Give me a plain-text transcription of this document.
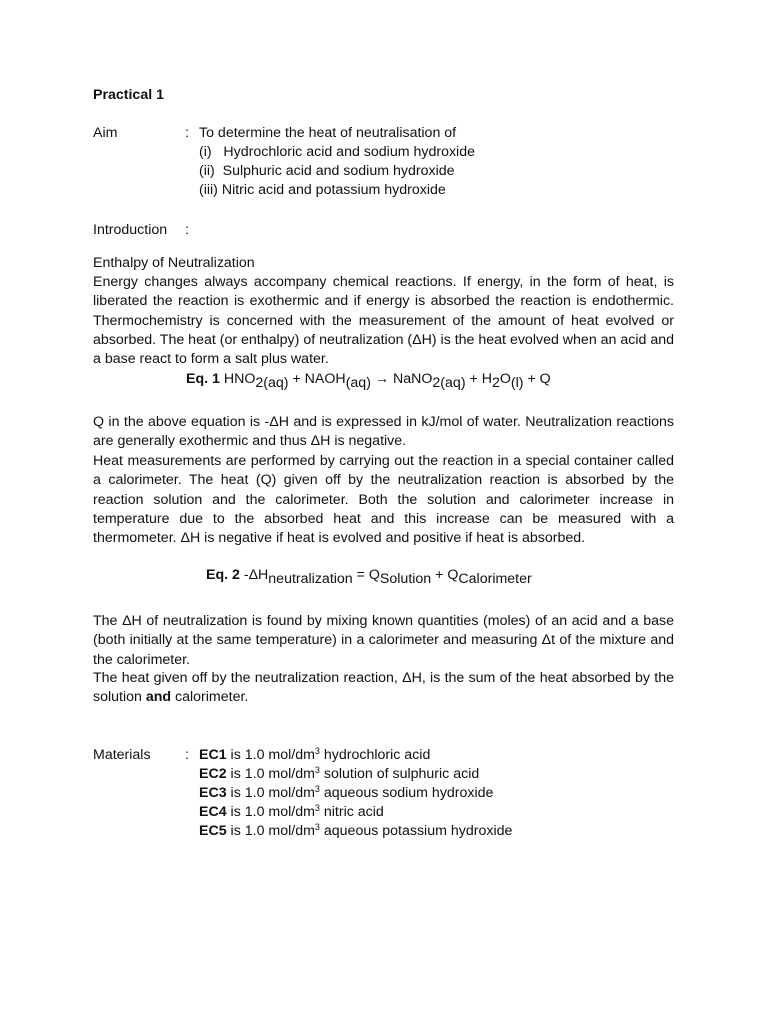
Practical 1
Aim	: To determine the heat of neutralisation of
(i)   Hydrochloric acid and sodium hydroxide
(ii)  Sulphuric acid and sodium hydroxide
(iii) Nitric acid and potassium hydroxide
Introduction :
Enthalpy of Neutralization

Energy changes always accompany chemical reactions. If energy, in the form of heat, is liberated the reaction is exothermic and if energy is absorbed the reaction is endothermic. Thermochemistry is concerned with the measurement of the amount of heat evolved or absorbed. The heat (or enthalpy) of neutralization (ΔH) is the heat evolved when an acid and a base react to form a salt plus water.

Eq. 1 $HNO_{2(aq)}$ + $NAOH_{(aq)}$ → NaNO$_{2(aq)}$ + $H_2O_{(l)} + Q$

Q in the above equation is -ΔH and is expressed in kJ/mol of water. Neutralization reactions are generally exothermic and thus ΔH is negative.

Heat measurements are performed by carrying out the reaction in a special container called a calorimeter. The heat (Q) given off by the neutralization reaction is absorbed by the reaction solution and the calorimeter. Both the solution and calorimeter increase in temperature due to the absorbed heat and this increase can be measured with a thermometer. ΔH is negative if heat is evolved and positive if heat is absorbed.

Eq. 2 $-\Delta H_{neutralization} = Q_{Solution} + Q_{Calorimeter}$

The ΔH of neutralization is found by mixing known quantities (moles) of an acid and a base (both initially at the same temperature) in a calorimeter and measuring Δt of the mixture and the calorimeter.

The heat given off by the neutralization reaction, ΔH, is the sum of the heat absorbed by the solution and calorimeter.

Materials : EC1 is 1.0 mol/$dm^3$ hydrochloric acid
EC2 is 1.0 mol/$dm^3$ solution of sulphuric acid
EC3 is 1.0 mol/$dm^3$ aqueous sodium hydroxide
EC4 is 1.0 mol/$dm^3$ nitric acid
EC5 is 1.0 mol/$dm^3$ aqueous potassium hydroxide
